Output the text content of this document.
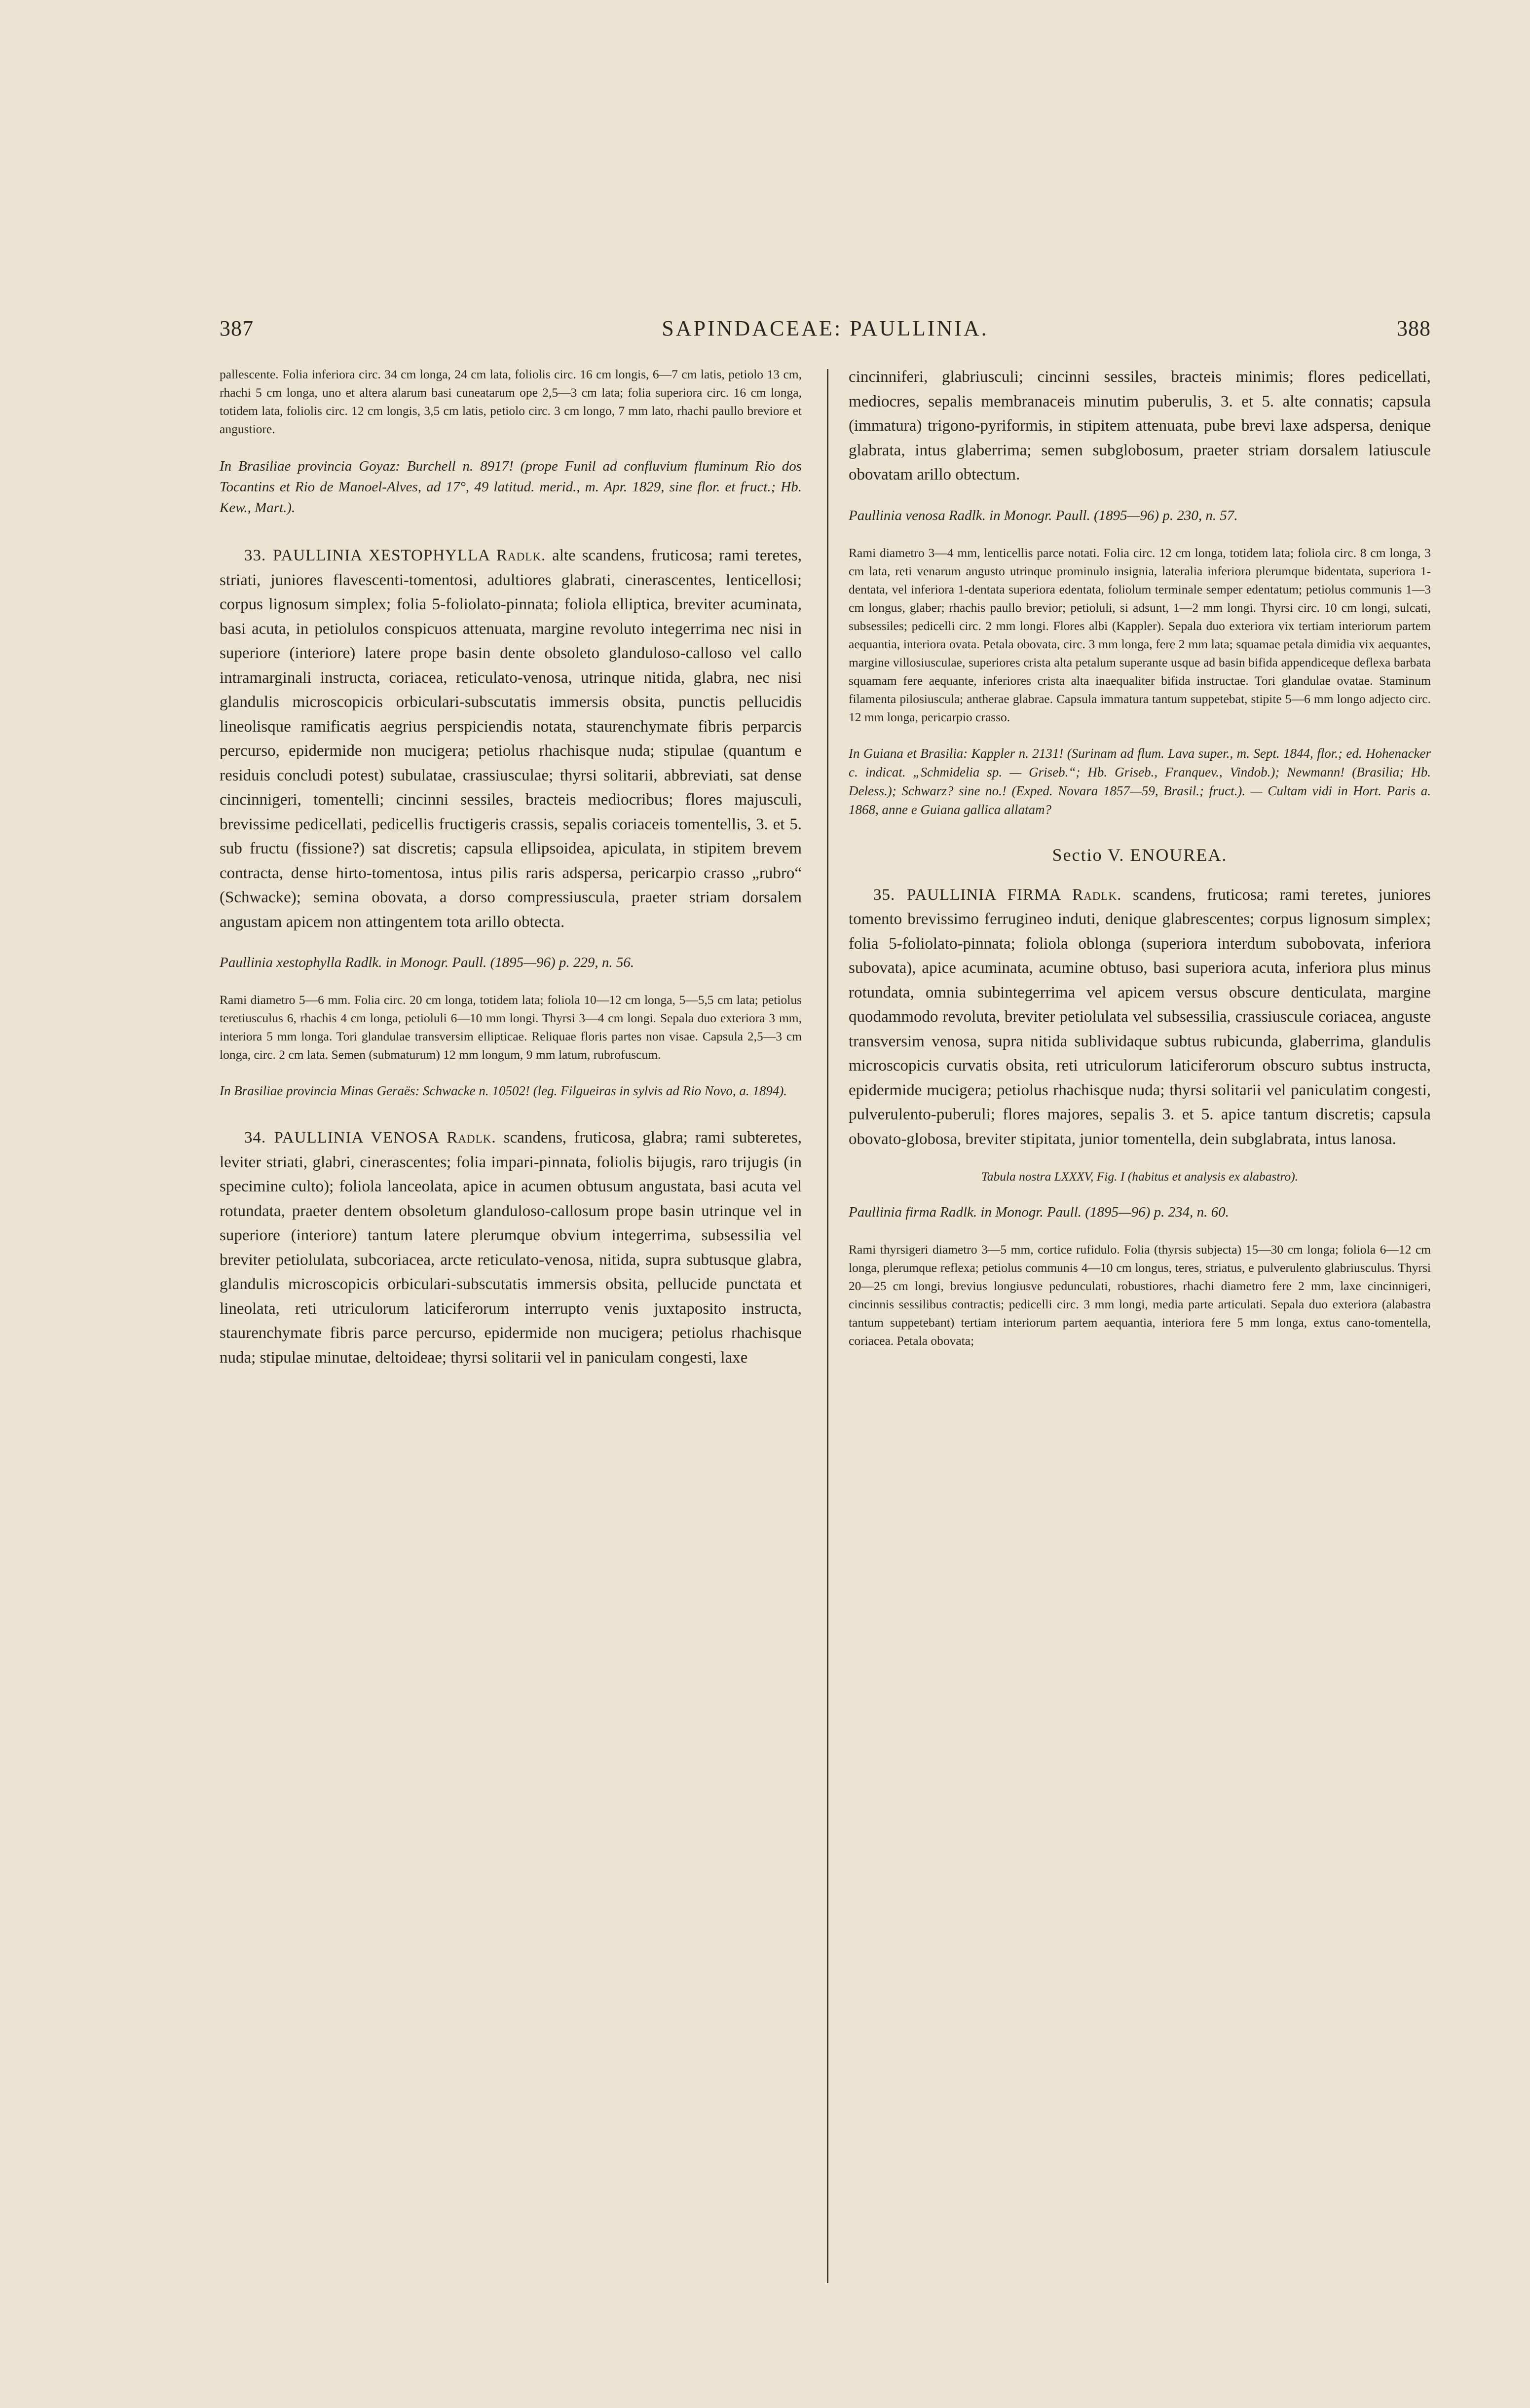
387	SAPINDACEAE: PAULLINIA.	388

pallescente. Folia inferiora circ. 34 cm longa, 24 cm lata, foliolis circ. 16 cm longis, 6—7 cm latis, petiolo 13 cm, rhachi 5 cm longa, uno et altera alarum basi cuneatarum ope 2,5—3 cm lata; folia superiora circ. 16 cm longa, totidem lata, foliolis circ. 12 cm longis, 3,5 cm latis, petiolo circ. 3 cm longo, 7 mm lato, rhachi paullo breviore et angustiore.

In Brasiliae provincia Goyaz: Burchell n. 8917! (prope Funil ad confluvium fluminum Rio dos Tocantins et Rio de Manoel-Alves, ad 17°, 49 latitud. merid., m. Apr. 1829, sine flor. et fruct.; Hb. Kew., Mart.).

33. PAULLINIA XESTOPHYLLA Radlk. alte scandens, fruticosa; rami teretes, striati, juniores flavescenti-tomentosi, adultiores glabrati, cinerascentes, lenticellosi; corpus lignosum simplex; folia 5-foliolato-pinnata; foliola elliptica, breviter acuminata, basi acuta, in petiolulos conspicuos attenuata, margine revoluto integerrima nec nisi in superiore (interiore) latere prope basin dente obsoleto glanduloso-calloso vel callo intramarginali instructa, coriacea, reticulato-venosa, utrinque nitida, glabra, nec nisi glandulis microscopicis orbiculari-subscutatis immersis obsita, punctis pellucidis lineolisque ramificatis aegrius perspiciendis notata, staurenchymate fibris perparcis percurso, epidermide non mucigera; petiolus rhachisque nuda; stipulae (quantum e residuis concludi potest) subulatae, crassiusculae; thyrsi solitarii, abbreviati, sat dense cincinnigeri, tomentelli; cincinni sessiles, bracteis mediocribus; flores majusculi, brevissime pedicellati, pedicellis fructigeris crassis, sepalis coriaceis tomentellis, 3. et 5. sub fructu (fissione?) sat discretis; capsula ellipsoidea, apiculata, in stipitem brevem contracta, dense hirto-tomentosa, intus pilis raris adspersa, pericarpio crasso „rubro“ (Schwacke); semina obovata, a dorso compressiuscula, praeter striam dorsalem angustam apicem non attingentem tota arillo obtecta.

Paullinia xestophylla Radlk. in Monogr. Paull. (1895—96) p. 229, n. 56.

Rami diametro 5—6 mm. Folia circ. 20 cm longa, totidem lata; foliola 10—12 cm longa, 5—5,5 cm lata; petiolus teretiusculus 6, rhachis 4 cm longa, petioluli 6—10 mm longi. Thyrsi 3—4 cm longi. Sepala duo exteriora 3 mm, interiora 5 mm longa. Tori glandulae transversim ellipticae. Reliquae floris partes non visae. Capsula 2,5—3 cm longa, circ. 2 cm lata. Semen (submaturum) 12 mm longum, 9 mm latum, rubrofuscum.

In Brasiliae provincia Minas Geraës: Schwacke n. 10502! (leg. Filgueiras in sylvis ad Rio Novo, a. 1894).

34. PAULLINIA VENOSA Radlk. scandens, fruticosa, glabra; rami subteretes, leviter striati, glabri, cinerascentes; folia impari-pinnata, foliolis bijugis, raro trijugis (in specimine culto); foliola lanceolata, apice in acumen obtusum angustata, basi acuta vel rotundata, praeter dentem obsoletum glanduloso-callosum prope basin utrinque vel in superiore (interiore) tantum latere plerumque obvium integerrima, subsessilia vel breviter petiolulata, subcoriacea, arcte reticulato-venosa, nitida, supra subtusque glabra, glandulis microscopicis orbiculari-subscutatis immersis obsita, pellucide punctata et lineolata, reti utriculorum laticiferorum interrupto venis juxtaposito instructa, staurenchymate fibris parce percurso, epidermide non mucigera; petiolus rhachisque nuda; stipulae minutae, deltoideae; thyrsi solitarii vel in paniculam congesti, laxe

cincinniferi, glabriusculi; cincinni sessiles, bracteis minimis; flores pedicellati, mediocres, sepalis membranaceis minutim puberulis, 3. et 5. alte connatis; capsula (immatura) trigono-pyriformis, in stipitem attenuata, pube brevi laxe adspersa, denique glabrata, intus glaberrima; semen subglobosum, praeter striam dorsalem latiuscule obovatam arillo obtectum.

Paullinia venosa Radlk. in Monogr. Paull. (1895—96) p. 230, n. 57.

Rami diametro 3—4 mm, lenticellis parce notati. Folia circ. 12 cm longa, totidem lata; foliola circ. 8 cm longa, 3 cm lata, reti venarum angusto utrinque prominulo insignia, lateralia inferiora plerumque bidentata, superiora 1-dentata, vel inferiora 1-dentata superiora edentata, foliolum terminale semper edentatum; petiolus communis 1—3 cm longus, glaber; rhachis paullo brevior; petioluli, si adsunt, 1—2 mm longi. Thyrsi circ. 10 cm longi, sulcati, subsessiles; pedicelli circ. 2 mm longi. Flores albi (Kappler). Sepala duo exteriora vix tertiam interiorum partem aequantia, interiora ovata. Petala obovata, circ. 3 mm longa, fere 2 mm lata; squamae petala dimidia vix aequantes, margine villosiusculae, superiores crista alta petalum superante usque ad basin bifida appendiceque deflexa barbata squamam fere aequante, inferiores crista alta inaequaliter bifida instructae. Tori glandulae ovatae. Staminum filamenta pilosiuscula; antherae glabrae. Capsula immatura tantum suppetebat, stipite 5—6 mm longo adjecto circ. 12 mm longa, pericarpio crasso.

In Guiana et Brasilia: Kappler n. 2131! (Surinam ad flum. Lava super., m. Sept. 1844, flor.; ed. Hohenacker c. indicat. „Schmidelia sp. — Griseb.“; Hb. Griseb., Franquev., Vindob.); Newmann! (Brasilia; Hb. Deless.); Schwarz? sine no.! (Exped. Novara 1857—59, Brasil.; fruct.). — Cultam vidi in Hort. Paris a. 1868, anne e Guiana gallica allatam?

Sectio V. ENOUREA.

35. PAULLINIA FIRMA Radlk. scandens, fruticosa; rami teretes, juniores tomento brevissimo ferrugineo induti, denique glabrescentes; corpus lignosum simplex; folia 5-foliolato-pinnata; foliola oblonga (superiora interdum subobovata, inferiora subovata), apice acuminata, acumine obtuso, basi superiora acuta, inferiora plus minus rotundata, omnia subintegerrima vel apicem versus obscure denticulata, margine quodammodo revoluta, breviter petiolulata vel subsessilia, crassiuscule coriacea, anguste transversim venosa, supra nitida sublividaque subtus rubicunda, glaberrima, glandulis microscopicis curvatis obsita, reti utriculorum laticiferorum obscuro subtus instructa, epidermide mucigera; petiolus rhachisque nuda; thyrsi solitarii vel paniculatim congesti, pulverulento-puberuli; flores majores, sepalis 3. et 5. apice tantum discretis; capsula obovato-globosa, breviter stipitata, junior tomentella, dein subglabrata, intus lanosa.

Tabula nostra LXXXV, Fig. I (habitus et analysis ex alabastro).

Paullinia firma Radlk. in Monogr. Paull. (1895—96) p. 234, n. 60.

Rami thyrsigeri diametro 3—5 mm, cortice rufidulo. Folia (thyrsis subjecta) 15—30 cm longa; foliola 6—12 cm longa, plerumque reflexa; petiolus communis 4—10 cm longus, teres, striatus, e pulverulento glabriusculus. Thyrsi 20—25 cm longi, brevius longiusve pedunculati, robustiores, rhachi diametro fere 2 mm, laxe cincinnigeri, cincinnis sessilibus contractis; pedicelli circ. 3 mm longi, media parte articulati. Sepala duo exteriora (alabastra tantum suppetebant) tertiam interiorum partem aequantia, interiora fere 5 mm longa, extus cano-tomentella, coriacea. Petala obovata;
